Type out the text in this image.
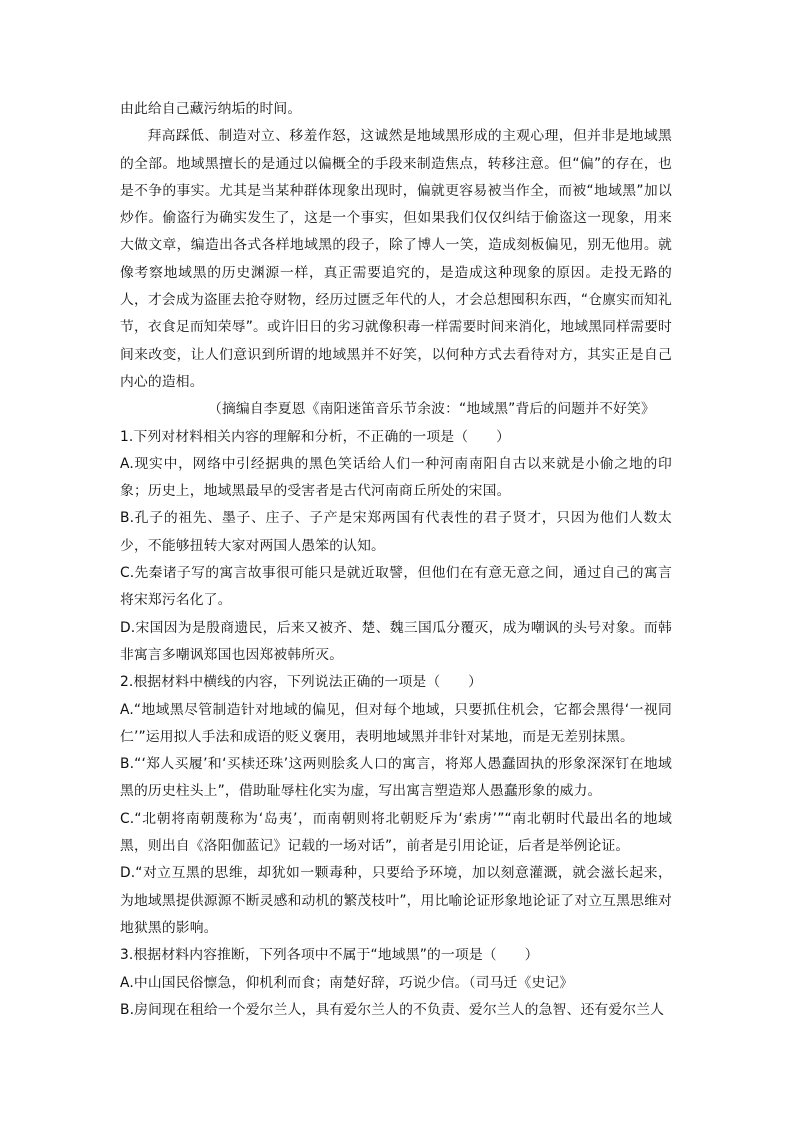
由此给自己藏污纳垢的时间。

拜高踩低、制造对立、移羞作怒，这诚然是地域黑形成的主观心理，但并非是地域黑的全部。地域黑擅长的是通过以偏概全的手段来制造焦点，转移注意。但“偏”的存在，也是不争的事实。尤其是当某种群体现象出现时，偏就更容易被当作全，而被“地域黑”加以炒作。偷盗行为确实发生了，这是一个事实，但如果我们仅仅纠结于偷盗这一现象，用来大做文章，编造出各式各样地域黑的段子，除了博人一笑，造成刻板偏见，别无他用。就像考察地域黑的历史渊源一样，真正需要追究的，是造成这种现象的原因。走投无路的人，才会成为盗匪去抢夺财物，经历过匮乏年代的人，才会总想囤积东西，“仓廪实而知礼节，衣食足而知荣辱”。或许旧日的劣习就像积毒一样需要时间来消化，地域黑同样需要时间来改变，让人们意识到所谓的地域黑并不好笑，以何种方式去看待对方，其实正是自己内心的造相。

（摘编自李夏恩《南阳迷笛音乐节余波：“地域黑”背后的问题并不好笑》

1.下列对材料相关内容的理解和分析，不正确的一项是（　　）

A.现实中，网络中引经据典的黑色笑话给人们一种河南南阳自古以来就是小偷之地的印象；历史上，地域黑最早的受害者是古代河南商丘所处的宋国。

B.孔子的祖先、墨子、庄子、子产是宋郑两国有代表性的君子贤才，只因为他们人数太少，不能够扭转大家对两国人愚笨的认知。

C.先秦诸子写的寓言故事很可能只是就近取譬，但他们在有意无意之间，通过自己的寓言将宋郑污名化了。

D.宋国因为是殷商遗民，后来又被齐、楚、魏三国瓜分覆灭，成为嘲讽的头号对象。而韩非寓言多嘲讽郑国也因郑被韩所灭。

2.根据材料中横线的内容，下列说法正确的一项是（　　）

A.“地域黑尽管制造针对地域的偏见，但对每个地域，只要抓住机会，它都会黑得‘一视同仁’”运用拟人手法和成语的贬义褒用，表明地域黑并非针对某地，而是无差别抹黑。

B.“‘郑人买履’和‘买椟还珠’这两则脍炙人口的寓言，将郑人愚蠢固执的形象深深钉在地域黑的历史柱头上”，借助耻辱柱化实为虚，写出寓言塑造郑人愚蠢形象的威力。

C.“北朝将南朝蔑称为‘岛夷’，而南朝则将北朝贬斥为‘索虏’”“南北朝时代最出名的地域黑，则出自《洛阳伽蓝记》记载的一场对话”，前者是引用论证，后者是举例论证。

D.“对立互黑的思维，却犹如一颗毒种，只要给予环境，加以刻意灌溉，就会滋长起来，为地域黑提供源源不断灵感和动机的繁茂枝叶”，用比喻论证形象地论证了对立互黑思维对地狱黑的影响。

3.根据材料内容推断，下列各项中不属于“地域黑”的一项是（　　）

A.中山国民俗懔急，仰机利而食；南楚好辞，巧说少信。（司马迁《史记》

B.房间现在租给一个爱尔兰人，具有爱尔兰人的不负责、爱尔兰人的急智、还有爱尔兰人
